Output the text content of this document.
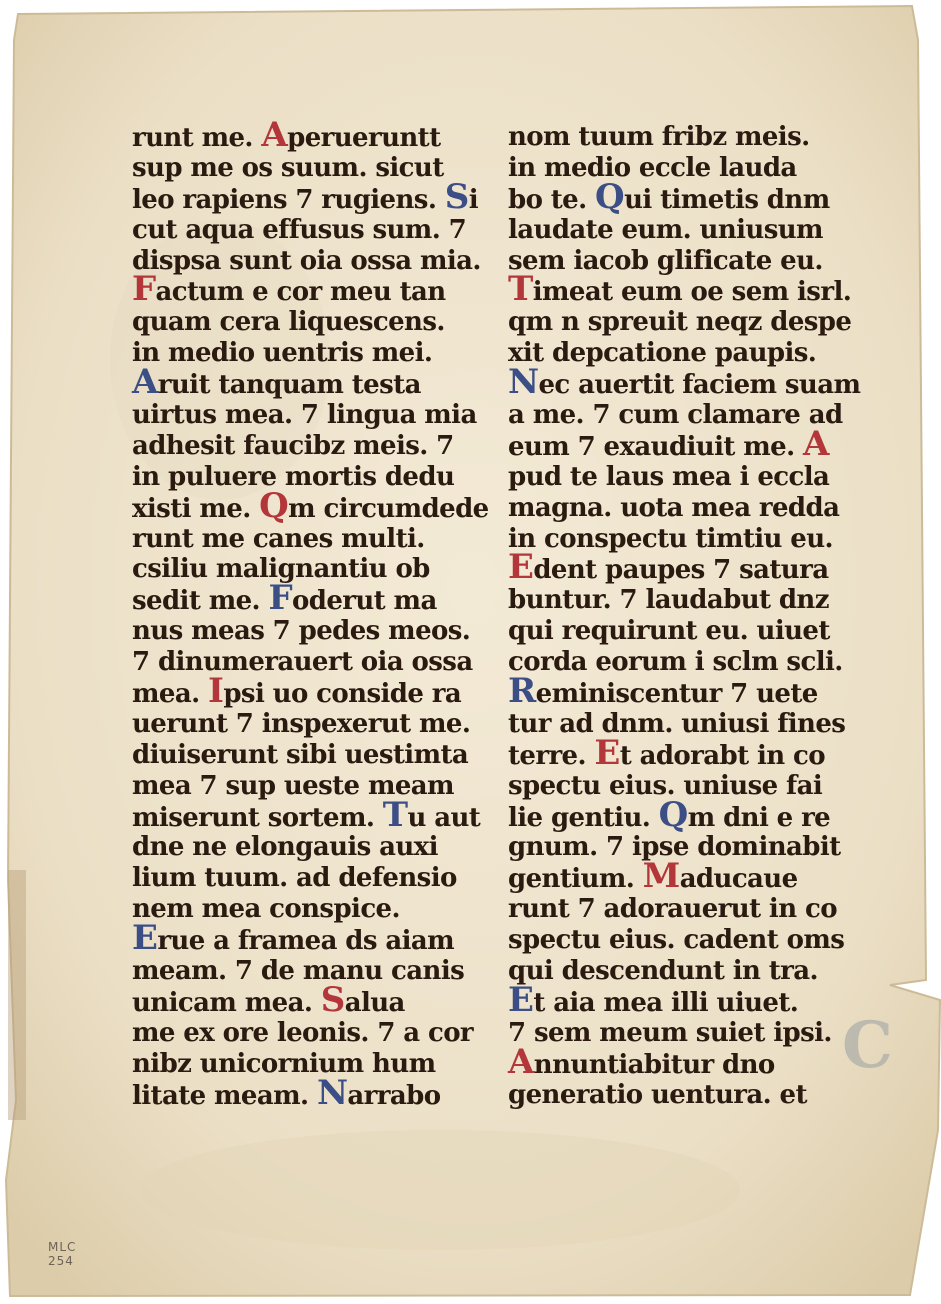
runt me. Aperueruntt
sup me os suum. sicut
leo rapiens 7 rugiens. Si
cut aqua effusus sum. 7
dispsa sunt oia ossa mia.
Factum e cor meu tan
quam cera liquescens.
in medio uentris mei.
Aruit tanquam testa
uirtus mea. 7 lingua mia
adhesit faucibz meis. 7
in puluere mortis dedu
xisti me. Qm circumdede
runt me canes multi.
csiliu malignantiu ob
sedit me. Foderut ma
nus meas 7 pedes meos.
7 dinumerauert oia ossa
mea. Ipsi uo conside ra
uerunt 7 inspexerut me.
diuiserunt sibi uestimta
mea 7 sup ueste meam
miserunt sortem. Tu aut
dne ne elongauis auxi
lium tuum. ad defensio
nem mea conspice.
Erue a framea ds aiam
meam. 7 de manu canis
unicam mea. Salua
me ex ore leonis. 7 a cor
nibz unicornium hum
litate meam. Narrabo
nom tuum fribz meis.
in medio eccle lauda
bo te. Qui timetis dnm
laudate eum. uniusum
sem iacob glificate eu.
Timeat eum oe sem isrl.
qm n spreuit neqz despe
xit depcatione paupis.
Nec auertit faciem suam
a me. 7 cum clamare ad
eum 7 exaudiuit me. A
pud te laus mea i eccla
magna. uota mea redda
in conspectu timtiu eu.
Edent paupes 7 satura
buntur. 7 laudabut dnz
qui requirunt eu. uiuet
corda eorum i sclm scli.
Reminiscentur 7 uete
tur ad dnm. uniusi fines
terre. Et adorabt in co
spectu eius. uniuse fai
lie gentiu. Qm dni e re
gnum. 7 ipse dominabit
gentium. Maducaue
runt 7 adorauerut in co
spectu eius. cadent oms
qui descendunt in tra.
Et aia mea illi uiuet.
7 sem meum suiet ipsi.
Annuntiabitur dno
generatio uentura. et
C
MLC
254
